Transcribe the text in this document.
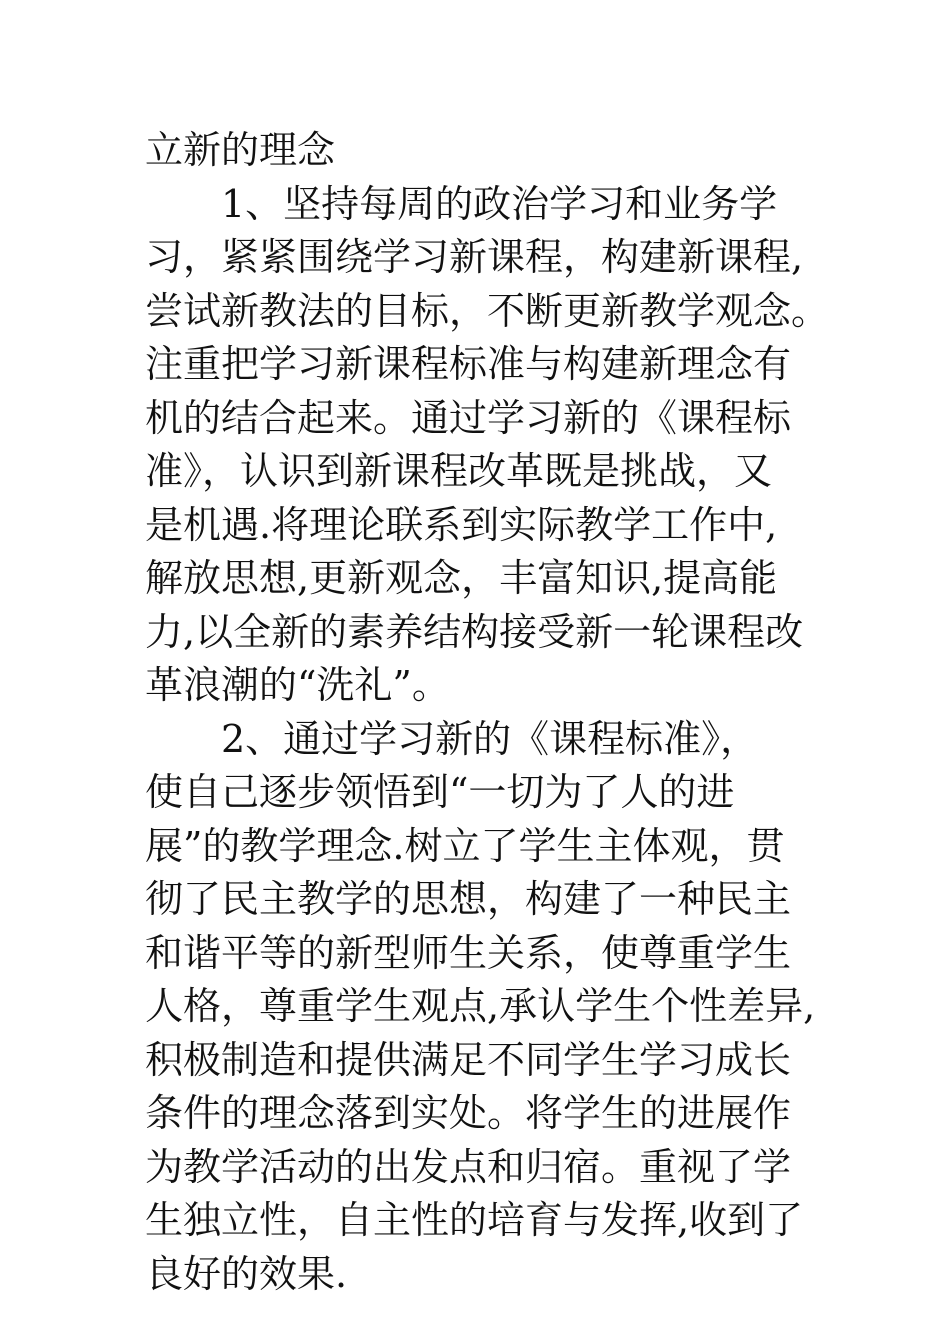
立新的理念
1、坚持每周的政治学习和业务学
习，紧紧围绕学习新课程，构建新课程,
尝试新教法的目标，不断更新教学观念。
注重把学习新课程标准与构建新理念有
机的结合起来。通过学习新的《课程标
准》，认识到新课程改革既是挑战，又
是机遇.将理论联系到实际教学工作中,
解放思想,更新观念，丰富知识,提高能
力,以全新的素养结构接受新一轮课程改
革浪潮的“洗礼”。
2、通过学习新的《课程标准》，
使自己逐步领悟到“一切为了人的进
展”的教学理念.树立了学生主体观，贯
彻了民主教学的思想，构建了一种民主
和谐平等的新型师生关系，使尊重学生
人格，尊重学生观点,承认学生个性差异,
积极制造和提供满足不同学生学习成长
条件的理念落到实处。将学生的进展作
为教学活动的出发点和归宿。重视了学
生独立性，自主性的培育与发挥,收到了
良好的效果.
